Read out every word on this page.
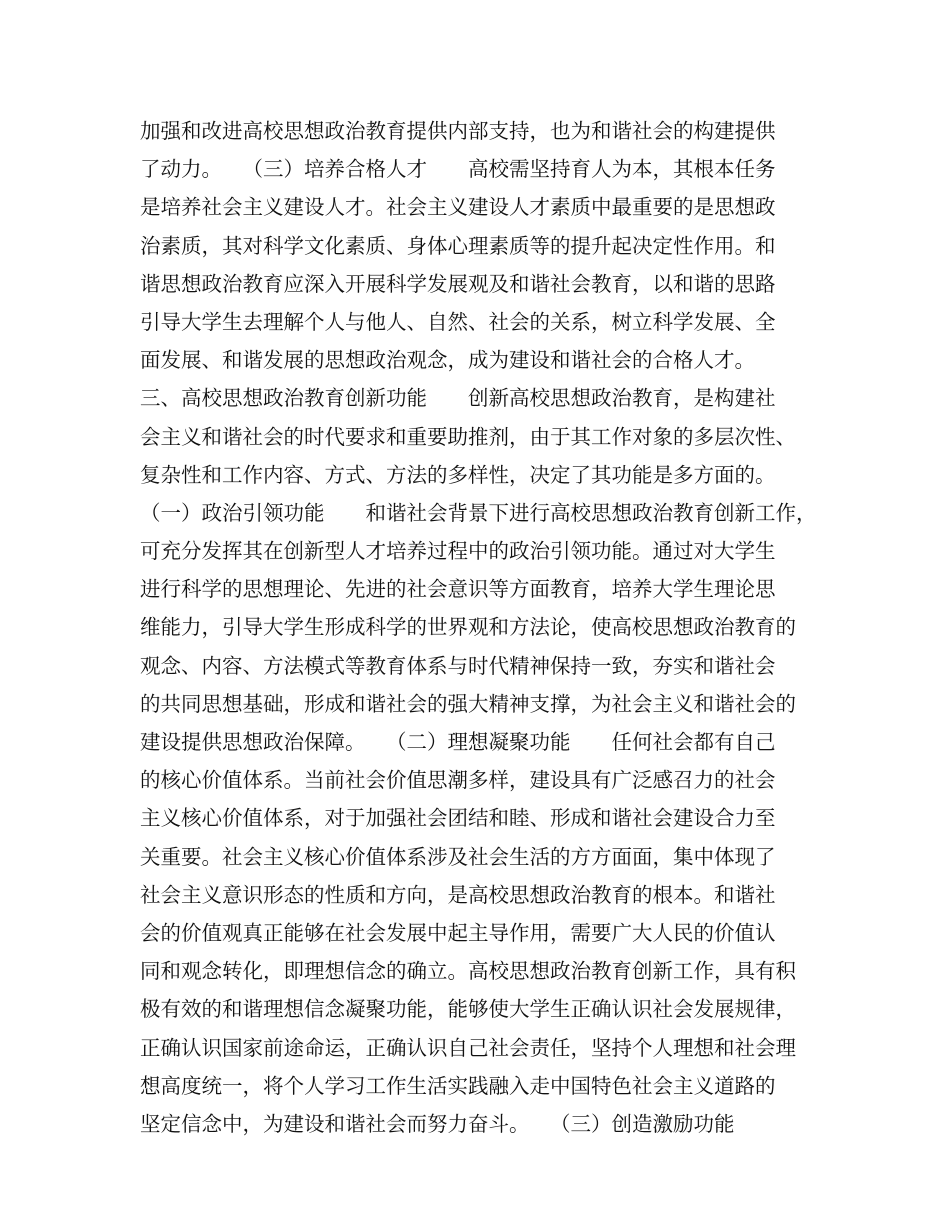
加强和改进高校思想政治教育提供内部支持，也为和谐社会的构建提供
了动力。　　（三）培养合格人才　　高校需坚持育人为本，其根本任务
是培养社会主义建设人才。社会主义建设人才素质中最重要的是思想政
治素质，其对科学文化素质、身体心理素质等的提升起决定性作用。和
谐思想政治教育应深入开展科学发展观及和谐社会教育，以和谐的思路
引导大学生去理解个人与他人、自然、社会的关系，树立科学发展、全
面发展、和谐发展的思想政治观念，成为建设和谐社会的合格人才。
三、高校思想政治教育创新功能　　创新高校思想政治教育，是构建社
会主义和谐社会的时代要求和重要助推剂，由于其工作对象的多层次性、
复杂性和工作内容、方式、方法的多样性，决定了其功能是多方面的。
（一）政治引领功能　　和谐社会背景下进行高校思想政治教育创新工作，
可充分发挥其在创新型人才培养过程中的政治引领功能。通过对大学生
进行科学的思想理论、先进的社会意识等方面教育，培养大学生理论思
维能力，引导大学生形成科学的世界观和方法论，使高校思想政治教育的
观念、内容、方法模式等教育体系与时代精神保持一致，夯实和谐社会
的共同思想基础，形成和谐社会的强大精神支撑，为社会主义和谐社会的
建设提供思想政治保障。　　（二）理想凝聚功能　　任何社会都有自己
的核心价值体系。当前社会价值思潮多样，建设具有广泛感召力的社会
主义核心价值体系，对于加强社会团结和睦、形成和谐社会建设合力至
关重要。社会主义核心价值体系涉及社会生活的方方面面，集中体现了
社会主义意识形态的性质和方向，是高校思想政治教育的根本。和谐社
会的价值观真正能够在社会发展中起主导作用，需要广大人民的价值认
同和观念转化，即理想信念的确立。高校思想政治教育创新工作，具有积
极有效的和谐理想信念凝聚功能，能够使大学生正确认识社会发展规律，
正确认识国家前途命运，正确认识自己社会责任，坚持个人理想和社会理
想高度统一，将个人学习工作生活实践融入走中国特色社会主义道路的
坚定信念中，为建设和谐社会而努力奋斗。　　（三）创造激励功能
